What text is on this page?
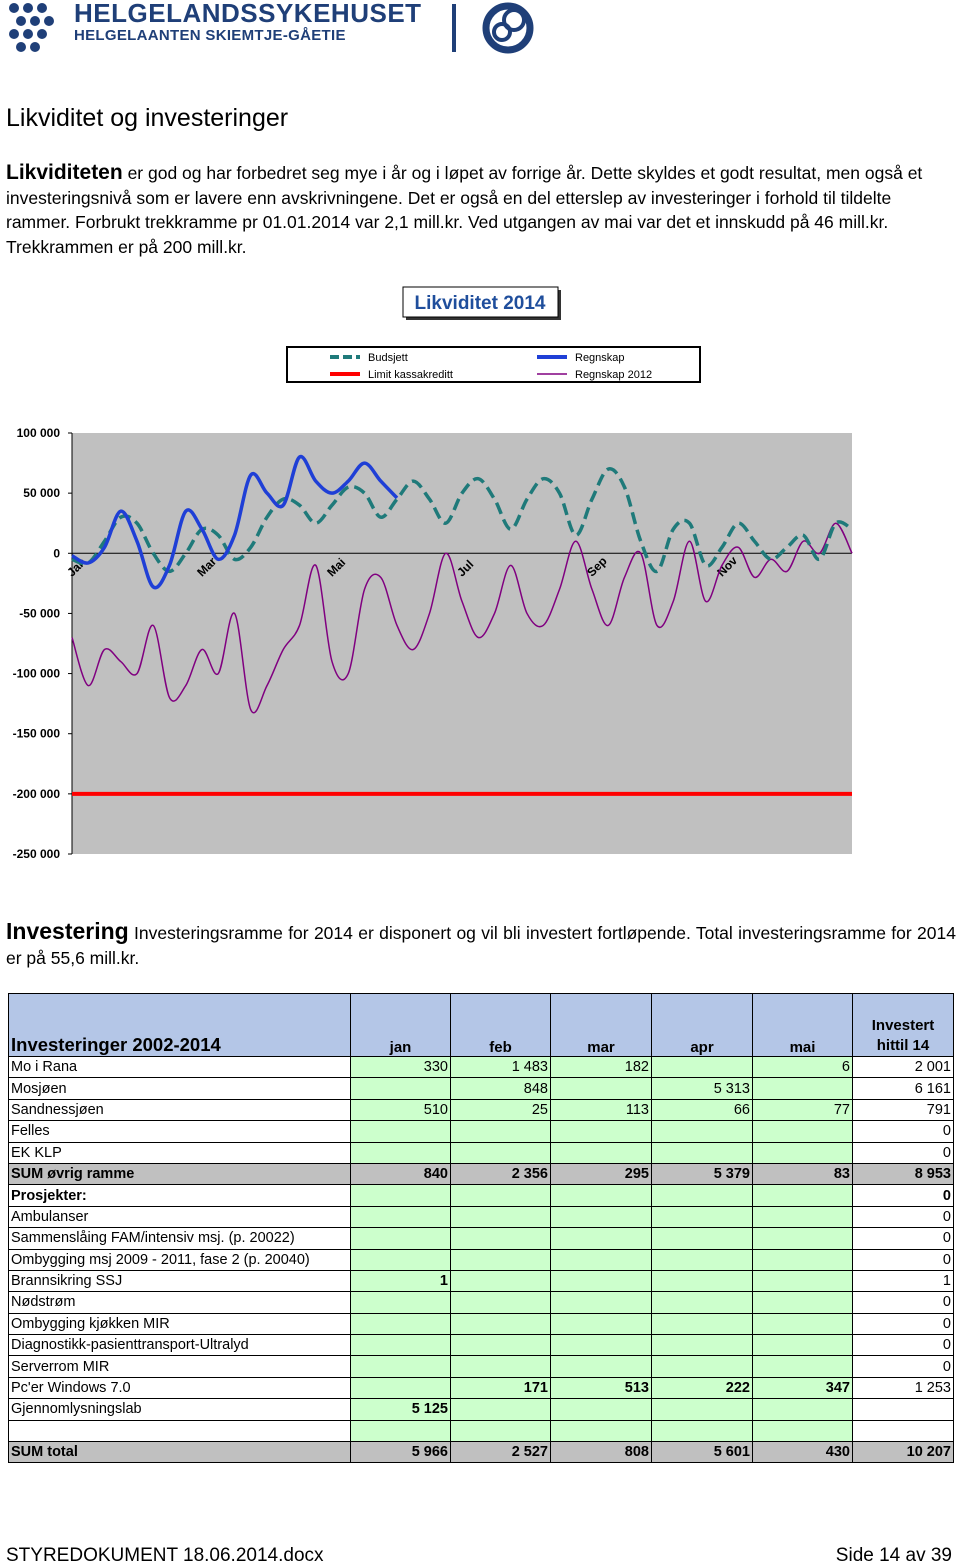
HELGELANDSSYKEHUSET
HELGELAANTEN SKIEMTJE-GÅETIE
Likviditet og investeringer

Likviditeten er god og har forbedret seg mye i år og i løpet av forrige år. Dette skyldes et godt resultat, men også et investeringsnivå som er lavere enn avskrivningene. Det er også en del etterslep av investeringer i forhold til tildelte rammer. Forbrukt trekkramme pr 01.01.2014 var 2,1 mill.kr. Ved utgangen av mai var det et innskudd på 46 mill.kr. Trekkrammen er på 200 mill.kr.

Likviditet 2014
Budsjett	Regnskap
Limit kassakreditt	Regnskap 2012
100 000
50 000
0
-50 000
-100 000
-150 000
-200 000
-250 000
Jan	Mar	Mai	Jul	Sep	Nov

Investering Investeringsramme for 2014 er disponert og vil bli investert fortløpende. Total investeringsramme for 2014 er på 55,6 mill.kr.

Investeringer 2002-2014	jan	feb	mar	apr	mai	Investert hittil 14
Mo i Rana	330	1 483	182		6	2 001
Mosjøen		848		5 313		6 161
Sandnessjøen	510	25	113	66	77	791
Felles						0
EK KLP						0
SUM øvrig ramme	840	2 356	295	5 379	83	8 953
Prosjekter:						0
Ambulanser						0
Sammenslåing FAM/intensiv msj. (p. 20022)						0
Ombygging msj 2009 - 2011, fase 2 (p. 20040)						0
Brannsikring SSJ	1					1
Nødstrøm						0
Ombygging kjøkken MIR						0
Diagnostikk-pasienttransport-Ultralyd						0
Serverrom MIR						0
Pc'er Windows 7.0		171	513	222	347	1 253
Gjennomlysningslab	5 125					

SUM total	5 966	2 527	808	5 601	430	10 207
STYREDOKUMENT 18.06.2014.docx	Side 14 av 39
